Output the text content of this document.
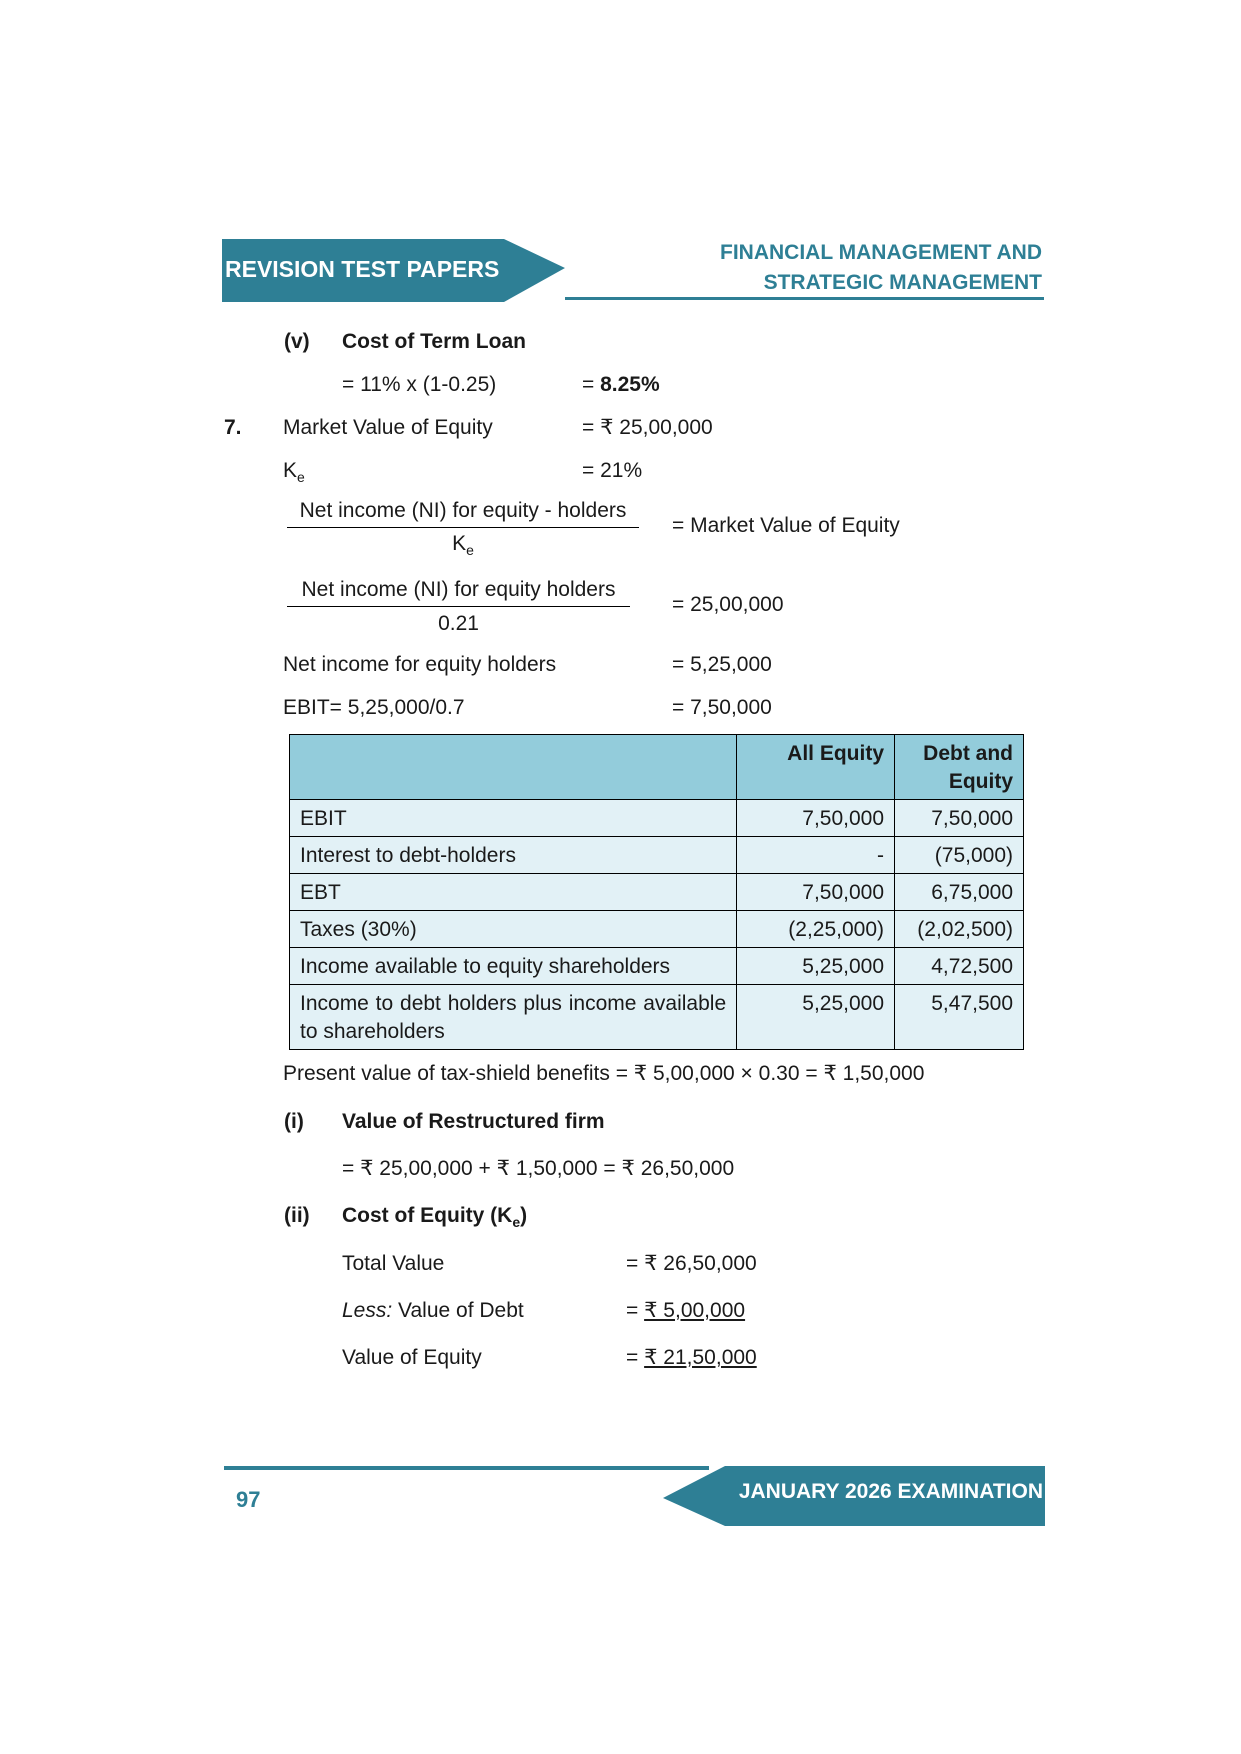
REVISION TEST PAPERS
FINANCIAL MANAGEMENT AND
STRATEGIC MANAGEMENT
(v) Cost of Term Loan
= 11% x (1-0.25)	= 8.25%
7. Market Value of Equity	= ₹ 25,00,000
$K_e$	= 21%
Net income (NI) for equity - holders
$K_e$
= Market Value of Equity
Net income (NI) for equity holders
0.21
= 25,00,000
Net income for equity holders	= 5,25,000
EBIT= 5,25,000/0.7	= 7,50,000
	All Equity	Debt and Equity
EBIT	7,50,000	7,50,000
Interest to debt-holders	-	(75,000)
EBT	7,50,000	6,75,000
Taxes (30%)	(2,25,000)	(2,02,500)
Income available to equity shareholders	5,25,000	4,72,500
Income to debt holders plus income available to shareholders	5,25,000	5,47,500
Present value of tax-shield benefits = ₹ 5,00,000 × 0.30 = ₹ 1,50,000
(i) Value of Restructured firm
= ₹ 25,00,000 + ₹ 1,50,000 = ₹ 26,50,000
(ii) Cost of Equity $(K_e)$
Total Value	= ₹ 26,50,000
Less: Value of Debt	= ₹ 5,00,000
Value of Equity	= ₹ 21,50,000
JANUARY 2026 EXAMINATION
97
